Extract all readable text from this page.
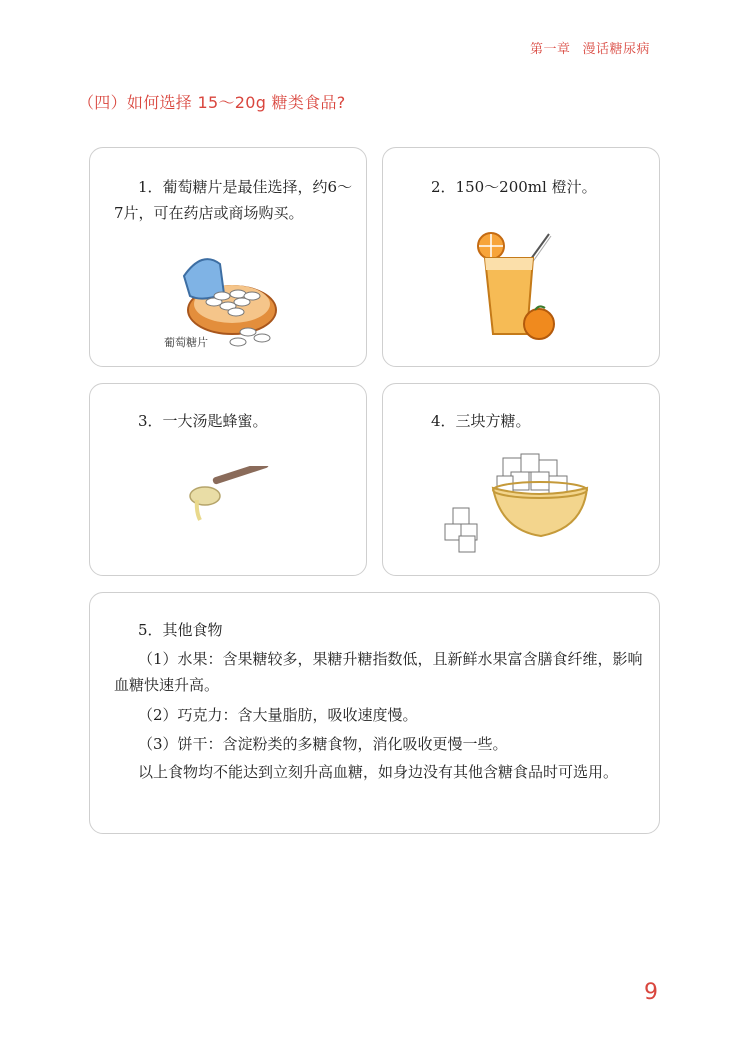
第一章 漫话糖尿病
（四）如何选择 15～20g 糖类食品?
1．葡萄糖片是最佳选择，约6～7片，可在药店或商场购买。
葡萄糖片
2．150～200ml 橙汁。
3．一大汤匙蜂蜜。	4．三块方糖。
5．其他食物
（1）水果：含果糖较多，果糖升糖指数低，且新鲜水果富含膳食纤维，影响血糖快速升高。
（2）巧克力：含大量脂肪，吸收速度慢。
（3）饼干：含淀粉类的多糖食物，消化吸收更慢一些。
以上食物均不能达到立刻升高血糖，如身边没有其他含糖食品时可选用。
9
